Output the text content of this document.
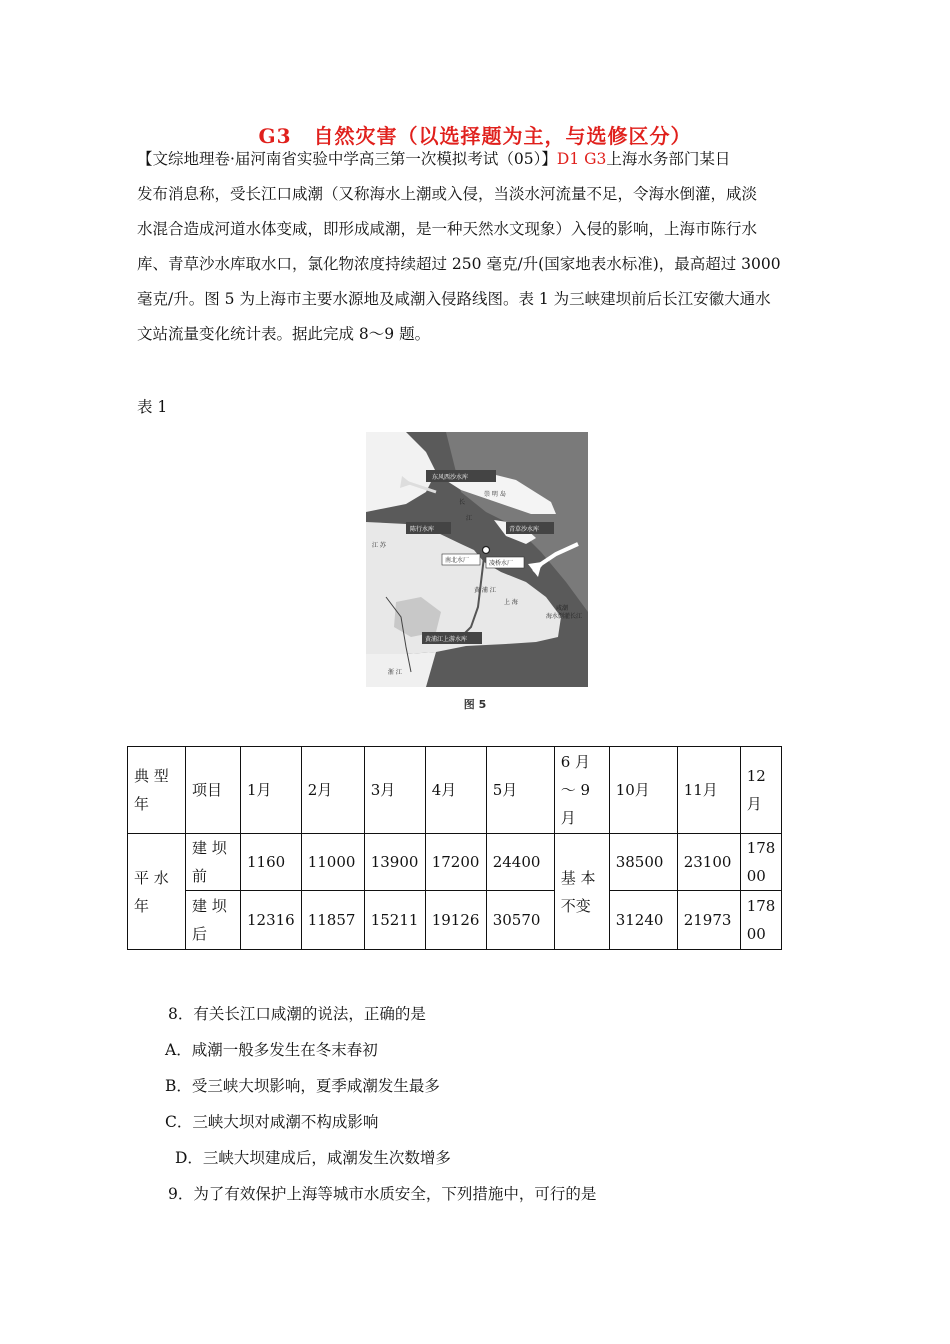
G3 自然灾害（以选择题为主，与选修区分）
【文综地理卷·届河南省实验中学高三第一次模拟考试（05）】D1 G3上海水务部门某日
发布消息称，受长江口咸潮（又称海水上潮或入侵，当淡水河流量不足，令海水倒灌，咸淡
水混合造成河道水体变咸，即形成咸潮，是一种天然水文现象）入侵的影响，上海市陈行水
库、青草沙水库取水口，氯化物浓度持续超过 250 毫克/升(国家地表水标准)，最高超过 3000
毫克/升。图 5 为上海市主要水源地及咸潮入侵路线图。表 1 为三峡建坝前后长江安徽大通水
文站流量变化统计表。据此完成 8～9 题。
表 1
东风西沙水库
陈行水库	青草沙水库
南北水厂	凌桥水厂
黄浦江上游水库
江 苏
上 海
浙 江
长
江
崇 明 岛
黄 浦 江
咸潮
海水倒灌长江
图 5
典 型 年	项目	1月	2月	3月	4月	5月	6 月 ～ 9月	10月	11月	12 月
平 水 年	建 坝 前	1160	11000	13900	17200	24400	基 本 不变	38500	23100	178 00
	建 坝 后	12316	11857	15211	19126	30570		31240	21973	178 00
8．有关长江口咸潮的说法，正确的是
A．咸潮一般多发生在冬末春初
B．受三峡大坝影响，夏季咸潮发生最多
C．三峡大坝对咸潮不构成影响
D．三峡大坝建成后，咸潮发生次数增多
9．为了有效保护上海等城市水质安全，下列措施中，可行的是
